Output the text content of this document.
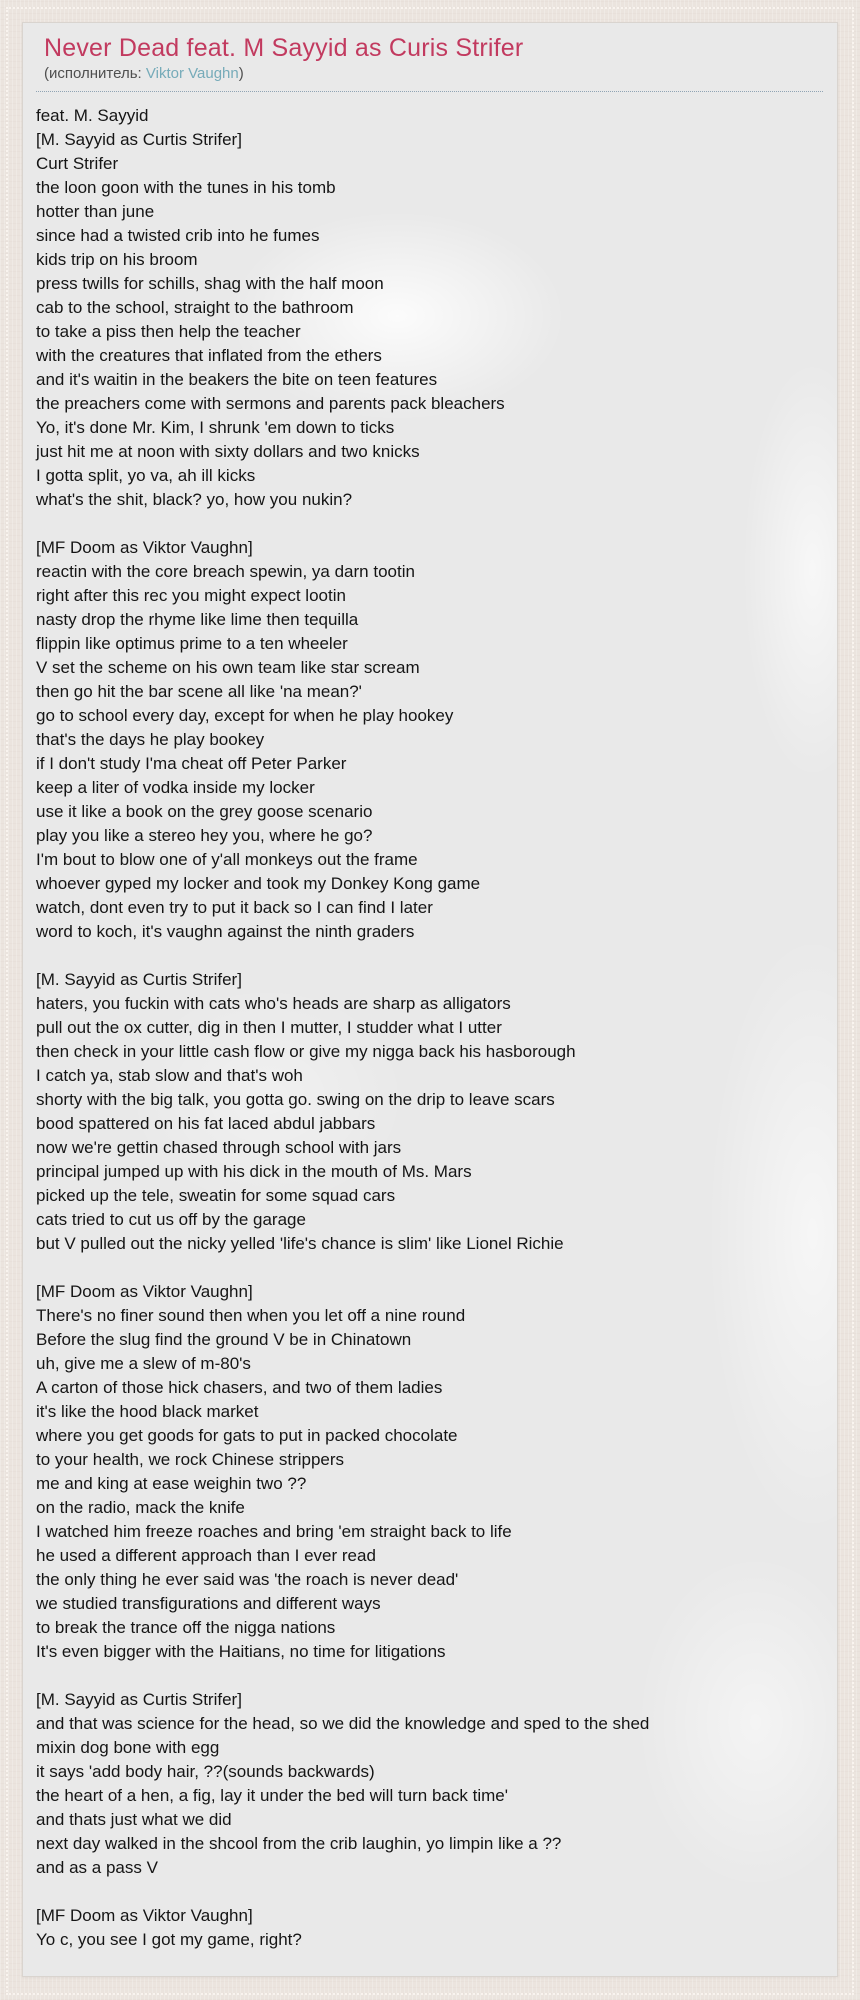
Never Dead feat. M Sayyid as Curis Strifer
(исполнитель: Viktor Vaughn)
feat. M. Sayyid
[M. Sayyid as Curtis Strifer]
Curt Strifer
the loon goon with the tunes in his tomb
hotter than june
since had a twisted crib into he fumes
kids trip on his broom
press twills for schills, shag with the half moon
cab to the school, straight to the bathroom
to take a piss then help the teacher
with the creatures that inflated from the ethers
and it's waitin in the beakers the bite on teen features
the preachers come with sermons and parents pack bleachers
Yo, it's done Mr. Kim, I shrunk 'em down to ticks
just hit me at noon with sixty dollars and two knicks
I gotta split, yo va, ah ill kicks
what's the shit, black? yo, how you nukin?
[MF Doom as Viktor Vaughn]
reactin with the core breach spewin, ya darn tootin
right after this rec you might expect lootin
nasty drop the rhyme like lime then tequilla
flippin like optimus prime to a ten wheeler
V set the scheme on his own team like star scream
then go hit the bar scene all like 'na mean?'
go to school every day, except for when he play hookey
that's the days he play bookey
if I don't study I'ma cheat off Peter Parker
keep a liter of vodka inside my locker
use it like a book on the grey goose scenario
play you like a stereo hey you, where he go?
I'm bout to blow one of y'all monkeys out the frame
whoever gyped my locker and took my Donkey Kong game
watch, dont even try to put it back so I can find I later
word to koch, it's vaughn against the ninth graders
[M. Sayyid as Curtis Strifer]
haters, you fuckin with cats who's heads are sharp as alligators
pull out the ox cutter, dig in then I mutter, I studder what I utter
then check in your little cash flow or give my nigga back his hasborough
I catch ya, stab slow and that's woh
shorty with the big talk, you gotta go. swing on the drip to leave scars
bood spattered on his fat laced abdul jabbars
now we're gettin chased through school with jars
principal jumped up with his dick in the mouth of Ms. Mars
picked up the tele, sweatin for some squad cars
cats tried to cut us off by the garage
but V pulled out the nicky yelled 'life's chance is slim' like Lionel Richie
[MF Doom as Viktor Vaughn]
There's no finer sound then when you let off a nine round
Before the slug find the ground V be in Chinatown
uh, give me a slew of m-80's
A carton of those hick chasers, and two of them ladies
it's like the hood black market
where you get goods for gats to put in packed chocolate
to your health, we rock Chinese strippers
me and king at ease weighin two ??
on the radio, mack the knife
I watched him freeze roaches and bring 'em straight back to life
he used a different approach than I ever read
the only thing he ever said was 'the roach is never dead'
we studied transfigurations and different ways
to break the trance off the nigga nations
It's even bigger with the Haitians, no time for litigations
[M. Sayyid as Curtis Strifer]
and that was science for the head, so we did the knowledge and sped to the shed
mixin dog bone with egg
it says 'add body hair, ??(sounds backwards)
the heart of a hen, a fig, lay it under the bed will turn back time'
and thats just what we did
next day walked in the shcool from the crib laughin, yo limpin like a ??
and as a pass V
[MF Doom as Viktor Vaughn]
Yo c, you see I got my game, right?
